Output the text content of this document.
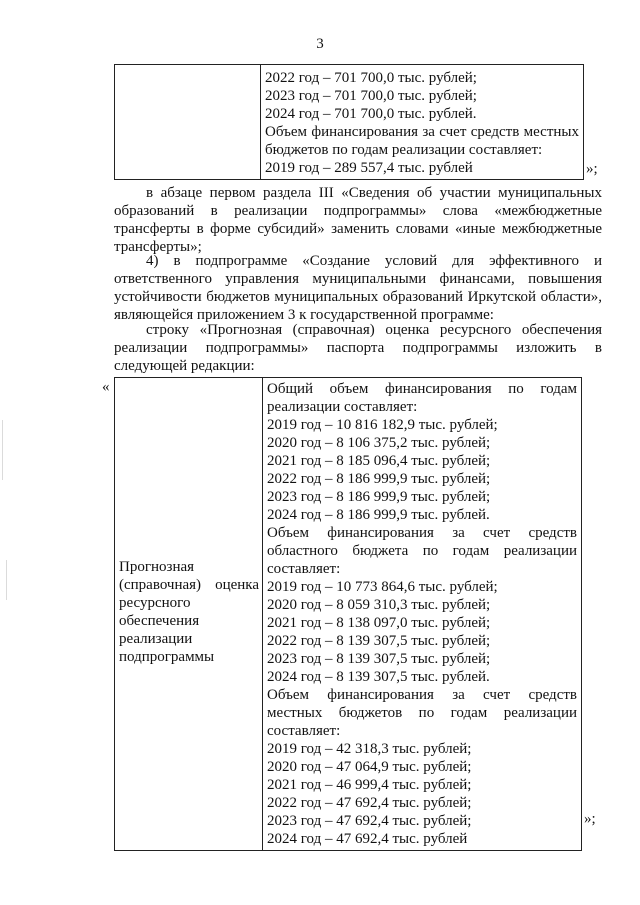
3

2022 год – 701 700,0 тыс. рублей;
2023 год – 701 700,0 тыс. рублей;
2024 год – 701 700,0 тыс. рублей.
Объем финансирования за счет средств местных бюджетов по годам реализации составляет:
2019 год – 289 557,4 тыс. рублей	»;
в абзаце первом раздела III «Сведения об участии муниципальных образований в реализации подпрограммы» слова «межбюджетные трансферты в форме субсидий» заменить словами «иные межбюджетные трансферты»;
4) в подпрограмме «Создание условий для эффективного и ответственного управления муниципальными финансами, повышения устойчивости бюджетов муниципальных образований Иркутской области», являющейся приложением 3 к государственной программе:
строку «Прогнозная (справочная) оценка ресурсного обеспечения реализации подпрограммы» паспорта подпрограммы изложить в следующей редакции:
«
Прогнозная (справочная) оценка ресурсного обеспечения реализации подпрограммы

Общий объем финансирования по годам реализации составляет:
2019 год – 10 816 182,9 тыс. рублей;
2020 год – 8 106 375,2 тыс. рублей;
2021 год – 8 185 096,4 тыс. рублей;
2022 год – 8 186 999,9 тыс. рублей;
2023 год – 8 186 999,9 тыс. рублей;
2024 год – 8 186 999,9 тыс. рублей.
Объем финансирования за счет средств областного бюджета по годам реализации составляет:
2019 год – 10 773 864,6 тыс. рублей;
2020 год – 8 059 310,3 тыс. рублей;
2021 год – 8 138 097,0 тыс. рублей;
2022 год – 8 139 307,5 тыс. рублей;
2023 год – 8 139 307,5 тыс. рублей;
2024 год – 8 139 307,5 тыс. рублей.
Объем финансирования за счет средств местных бюджетов по годам реализации составляет:
2019 год – 42 318,3 тыс. рублей;
2020 год – 47 064,9 тыс. рублей;
2021 год – 46 999,4 тыс. рублей;
2022 год – 47 692,4 тыс. рублей;
2023 год – 47 692,4 тыс. рублей;
2024 год – 47 692,4 тыс. рублей
»;
